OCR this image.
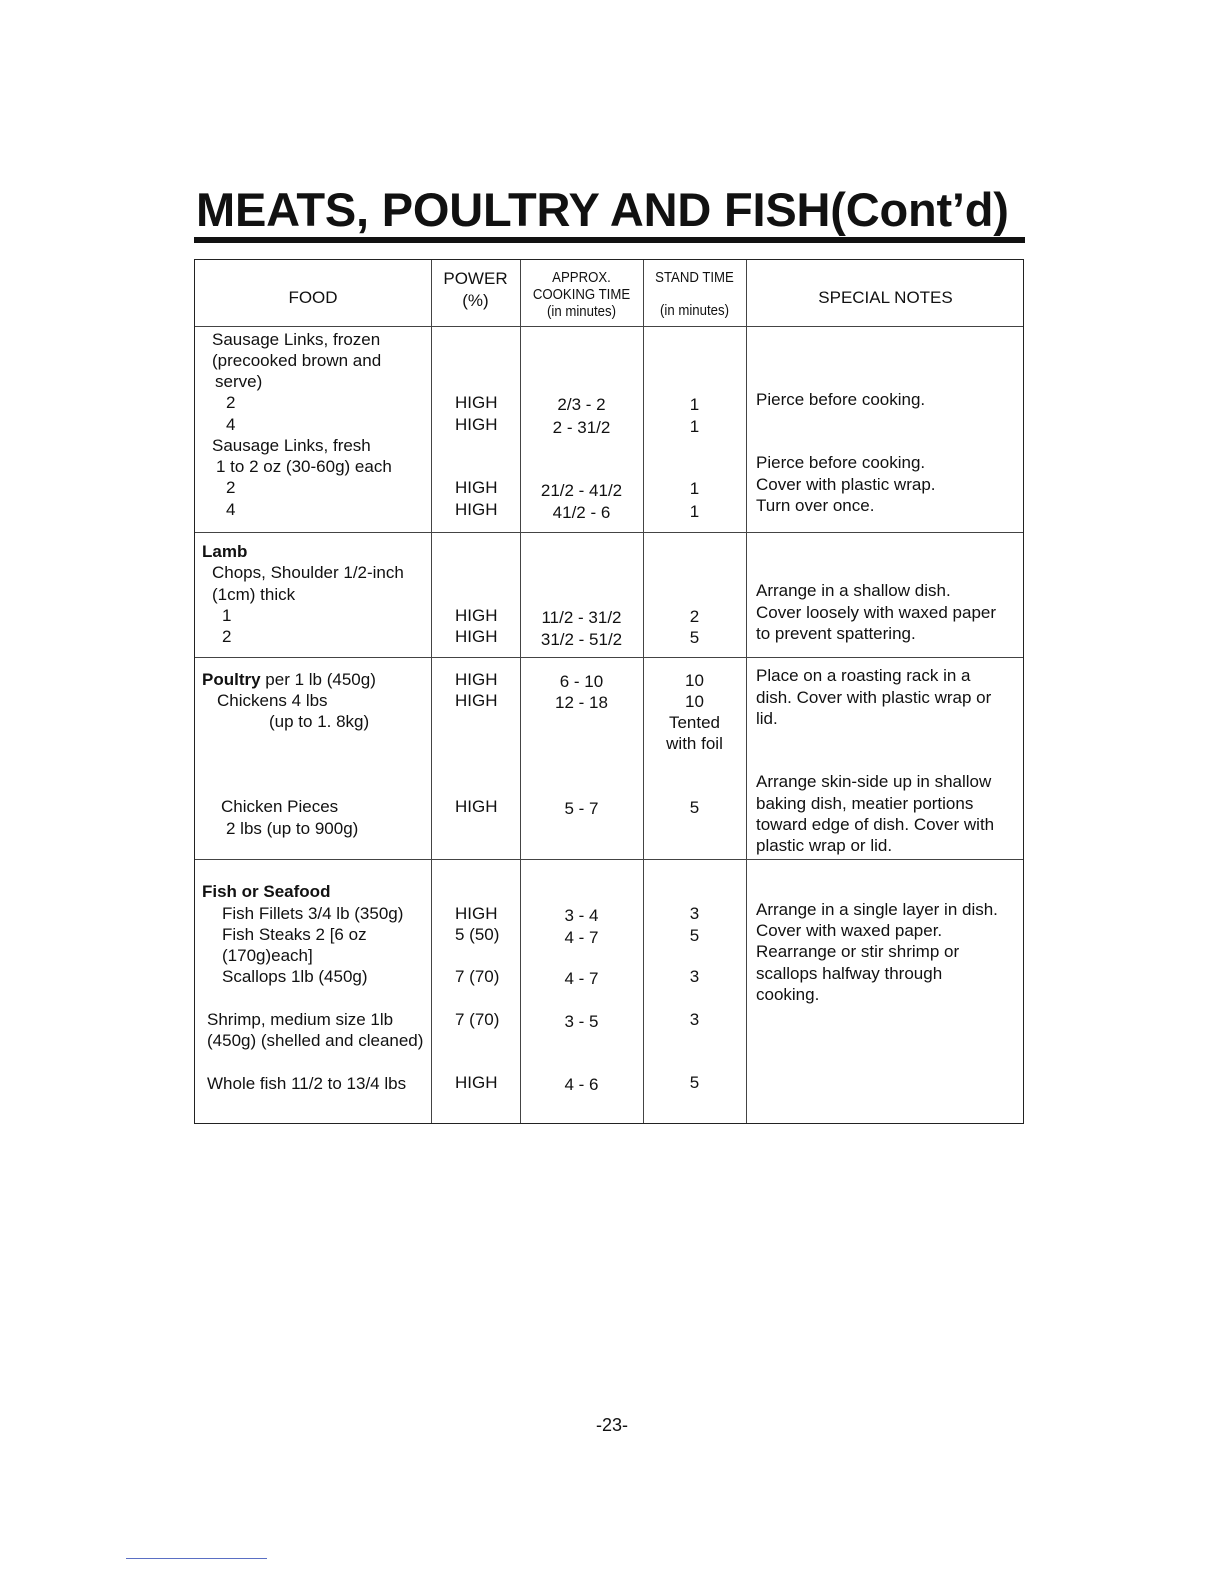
MEATS, POULTRY AND FISH(Cont’d)
FOOD
POWER
(%)
APPROX.
COOKING TIME
(in minutes)
STAND TIME
(in minutes)
SPECIAL NOTES
Sausage Links, frozen
(precooked brown and
serve)
2
4
Sausage Links, fresh
1 to 2 oz (30-60g) each
2
4
HIGH
HIGH
HIGH
HIGH
2/3 - 2
2 - 31/2
21/2 - 41/2
41/2 - 6
1
1
1
1
Pierce before cooking.
Pierce before cooking.
Cover with plastic wrap.
Turn over once.
Lamb
Chops, Shoulder 1/2-inch
(1cm) thick
1
2
HIGH
HIGH
11/2 - 31/2
31/2 - 51/2
2
5
Arrange in a shallow dish.
Cover loosely with waxed paper
to prevent spattering.
Poultry per 1 lb (450g)
Chickens 4 lbs
(up to 1. 8kg)
Chicken Pieces
2 lbs (up to 900g)
HIGH
HIGH
HIGH
6 - 10
12 - 18
5 - 7
10
10
Tented
with foil
5
Place on a roasting rack in a
dish. Cover with plastic wrap or
lid.
Arrange skin-side up in shallow
baking dish, meatier portions
toward edge of dish. Cover with
plastic wrap or lid.
Fish or Seafood
Fish Fillets 3/4 lb (350g)
Fish Steaks 2 [6 oz
(170g)each]
Scallops 1lb (450g)
Shrimp, medium size 1lb
(450g) (shelled and cleaned)
Whole fish 11/2 to 13/4 lbs
HIGH
5 (50)
7 (70)
7 (70)
HIGH
3 - 4
4 - 7
4 - 7
3 - 5
4 - 6
3
5
3
3
5
Arrange in a single layer in dish.
Cover with waxed paper.
Rearrange or stir shrimp or
scallops halfway through
cooking.
-23-
